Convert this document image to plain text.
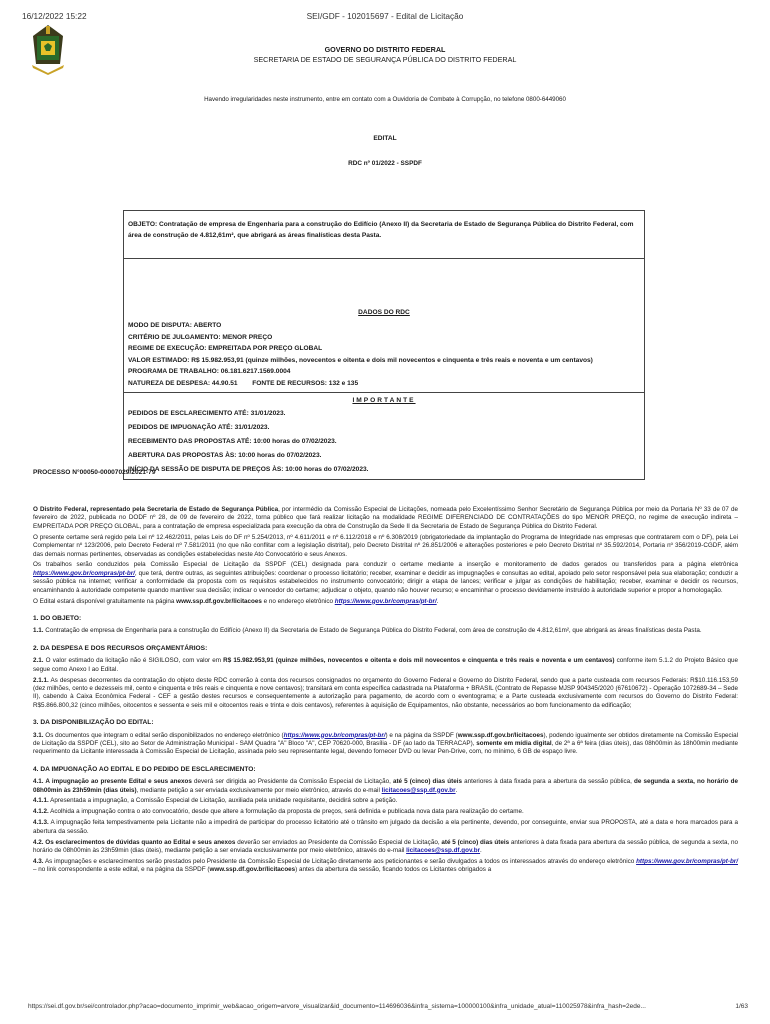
16/12/2022 15:22	SEI/GDF - 102015697 - Edital de Licitação
GOVERNO DO DISTRITO FEDERAL
SECRETARIA DE ESTADO DE SEGURANÇA PÚBLICA DO DISTRITO FEDERAL
Havendo irregularidades neste instrumento, entre em contato com a Ouvidoria de Combate à Corrupção, no telefone 0800-6449060
EDITAL
RDC nº 01/2022 - SSPDF
OBJETO: Contratação de empresa de Engenharia para a construção do Edifício (Anexo II) da Secretaria de Estado de Segurança Pública do Distrito Federal, com área de construção de 4.812,61m², que abrigará as áreas finalísticas desta Pasta.
DADOS DO RDC
MODO DE DISPUTA: ABERTO
CRITÉRIO DE JULGAMENTO: MENOR PREÇO
REGIME DE EXECUÇÃO: EMPREITADA POR PREÇO GLOBAL
VALOR ESTIMADO: R$ 15.982.953,91 (quinze milhões, novecentos e oitenta e dois mil novecentos e cinquenta e três reais e noventa e um centavos)
PROGRAMA DE TRABALHO: 06.181.6217.1569.0004
NATUREZA DE DESPESA: 44.90.51        FONTE DE RECURSOS: 132 e 135
IMPORTANTE
PEDIDOS DE ESCLARECIMENTO ATÉ: 31/01/2023.
PEDIDOS DE IMPUGNAÇÃO ATÉ: 31/01/2023.
RECEBIMENTO DAS PROPOSTAS ATÉ: 10:00 horas do 07/02/2023.
ABERTURA DAS PROPOSTAS ÀS: 10:00 horas do 07/02/2023.
INÍCIO DA SESSÃO DE DISPUTA DE PREÇOS ÀS: 10:00 horas do 07/02/2023.
PROCESSO N°00050-00007029/2021-79

O Distrito Federal, representado pela Secretaria de Estado de Segurança Pública, por intermédio da Comissão Especial de Licitações, nomeada pelo Excelentíssimo Senhor Secretário de Segurança Pública por meio da Portaria Nº 33 de 07 de fevereiro de 2022, publicada no DODF nº 28, de 09 de fevereiro de 2022, torna público que fará realizar licitação na modalidade REGIME DIFERENCIADO DE CONTRATAÇÕES do tipo MENOR PREÇO, no regime de execução indireta – EMPREITADA POR PREÇO GLOBAL, para a contratação de empresa especializada para execução da obra de Construção da Sede II da Secretaria de Estado de Segurança Pública do Distrito Federal.

O presente certame será regido pela Lei nº 12.462/2011, pelas Leis do DF nº 5.254/2013, nº 4.611/2011 e nº 6.112/2018 e nº 6.308/2019 (obrigatoriedade da implantação do Programa de Integridade nas empresas que contratarem com o DF), pela Lei Complementar nº 123/2006, pelo Decreto Federal nº 7.581/2011 (no que não conflitar com a legislação distrital), pelo Decreto Distrital nº 26.851/2006 e alterações posteriores e pelo Decreto Distrital nº 35.592/2014, Portaria nº 356/2019-CGDF, além das demais normas pertinentes, observadas as condições estabelecidas neste Ato Convocatório e seus Anexos.

Os trabalhos serão conduzidos pela Comissão Especial de Licitação da SSPDF (CEL) designada para conduzir o certame mediante a inserção e monitoramento de dados gerados ou transferidos para a página eletrônica https://www.gov.br/compras/pt-br/, que terá, dentre outras, as seguintes atribuições: coordenar o processo licitatório; receber, examinar e decidir as impugnações e consultas ao edital, apoiado pelo setor responsável pela sua elaboração; conduzir a sessão pública na internet; verificar a conformidade da proposta com os requisitos estabelecidos no instrumento convocatório; dirigir a etapa de lances; verificar e julgar as condições de habilitação; receber, examinar e decidir os recursos, encaminhando à autoridade competente quando mantiver sua decisão; indicar o vencedor do certame; adjudicar o objeto, quando não houver recurso; e encaminhar o processo devidamente instruído à autoridade superior e propor a homologação.

O Edital estará disponível gratuitamente na página www.ssp.df.gov.br/licitacoes e no endereço eletrônico https://www.gov.br/compras/pt-br/.

1. DO OBJETO:

1.1. Contratação de empresa de Engenharia para a construção do Edifício (Anexo II) da Secretaria de Estado de Segurança Pública do Distrito Federal, com área de construção de 4.812,61m², que abrigará as áreas finalísticas desta Pasta.

2. DA DESPESA E DOS RECURSOS ORÇAMENTÁRIOS:

2.1. O valor estimado da licitação não é SIGILOSO, com valor em R$ 15.982.953,91 (quinze milhões, novecentos e oitenta e dois mil novecentos e cinquenta e três reais e noventa e um centavos) conforme item 5.1.2 do Projeto Básico que segue como Anexo I ao Edital.

2.1.1. As despesas decorrentes da contratação do objeto deste RDC correrão à conta dos recursos consignados no orçamento do Governo Federal e Governo do Distrito Federal, sendo que a parte custeada com recursos Federais: R$10.116.153,59 (dez milhões, cento e dezesseis mil, cento e cinquenta e três reais e cinquenta e nove centavos); transitará em conta específica cadastrada na Plataforma + BRASIL (Contrato de Repasse MJSP 904345/2020 (67610672) - Operação 1072689-34 – Sede II), cabendo à Caixa Econômica Federal - CEF a gestão destes recursos e consequentemente a autorização para pagamento, de acordo com o eventograma; e a Parte custeada exclusivamente com recursos do Governo do Distrito Federal: R$5.866.800,32 (cinco milhões, oitocentos e sessenta e seis mil e oitocentos reais e trinta e dois centavos), referentes à aquisição de Equipamentos, não obstante, necessários ao bom funcionamento da edificação;

3. DA DISPONIBILIZAÇÃO DO EDITAL:

3.1. Os documentos que integram o edital serão disponibilizados no endereço eletrônico (https://www.gov.br/compras/pt-br/) e na página da SSPDF (www.ssp.df.gov.br/licitacoes), podendo igualmente ser obtidos diretamente na Comissão Especial de Licitação da SSPDF (CEL), sito ao Setor de Administração Municipal - SAM Quadra "A" Bloco "A", CEP 70620-000, Brasília - DF (ao lado da TERRACAP), somente em mídia digital, de 2ª a 6ª feira (dias úteis), das 08h00min às 18h00min mediante requerimento da Licitante interessada à Comissão Especial de Licitação, assinada pelo seu representante legal, devendo fornecer DVD ou levar Pen-Drive, com, no mínimo, 6 GB de espaço livre.

4. DA IMPUGNAÇÃO AO EDITAL E DO PEDIDO DE ESCLARECIMENTO:

4.1. A impugnação ao presente Edital e seus anexos deverá ser dirigida ao Presidente da Comissão Especial de Licitação, até 5 (cinco) dias úteis anteriores à data fixada para a abertura da sessão pública, de segunda a sexta, no horário de 08h00min às 23h59min (dias úteis), mediante petição a ser enviada exclusivamente por meio eletrônico, através do e-mail licitacoes@ssp.df.gov.br.

4.1.1. Apresentada a impugnação, a Comissão Especial de Licitação, auxiliada pela unidade requisitante, decidirá sobre a petição.

4.1.2. Acolhida a impugnação contra o ato convocatório, desde que altere a formulação da proposta de preços, será definida e publicada nova data para realização do certame.

4.1.3. A impugnação feita tempestivamente pela Licitante não a impedirá de participar do processo licitatório até o trânsito em julgado da decisão a ela pertinente, devendo, por conseguinte, enviar sua PROPOSTA, até a data e hora marcados para a abertura da sessão.

4.2. Os esclarecimentos de dúvidas quanto ao Edital e seus anexos deverão ser enviados ao Presidente da Comissão Especial de Licitação, até 5 (cinco) dias úteis anteriores à data fixada para abertura da sessão pública, de segunda a sexta, no horário de 08h00min às 23h59min (dias úteis), mediante petição a ser enviada exclusivamente por meio eletrônico, através do e-mail licitacoes@ssp.df.gov.br.

4.3. As impugnações e esclarecimentos serão prestados pelo Presidente da Comissão Especial de Licitação diretamente aos peticionantes e serão divulgados a todos os interessados através do endereço eletrônico https://www.gov.br/compras/pt-br/ – no link correspondente a este edital, e na página da SSPDF (www.ssp.df.gov.br/licitacoes) antes da abertura da sessão, ficando todos os Licitantes obrigados a

https://sei.df.gov.br/sei/controlador.php?acao=documento_imprimir_web&acao_origem=arvore_visualizar&id_documento=114696036&infra_sistema=100000100&infra_unidade_atual=110025978&infra_hash=2ede...	1/63
